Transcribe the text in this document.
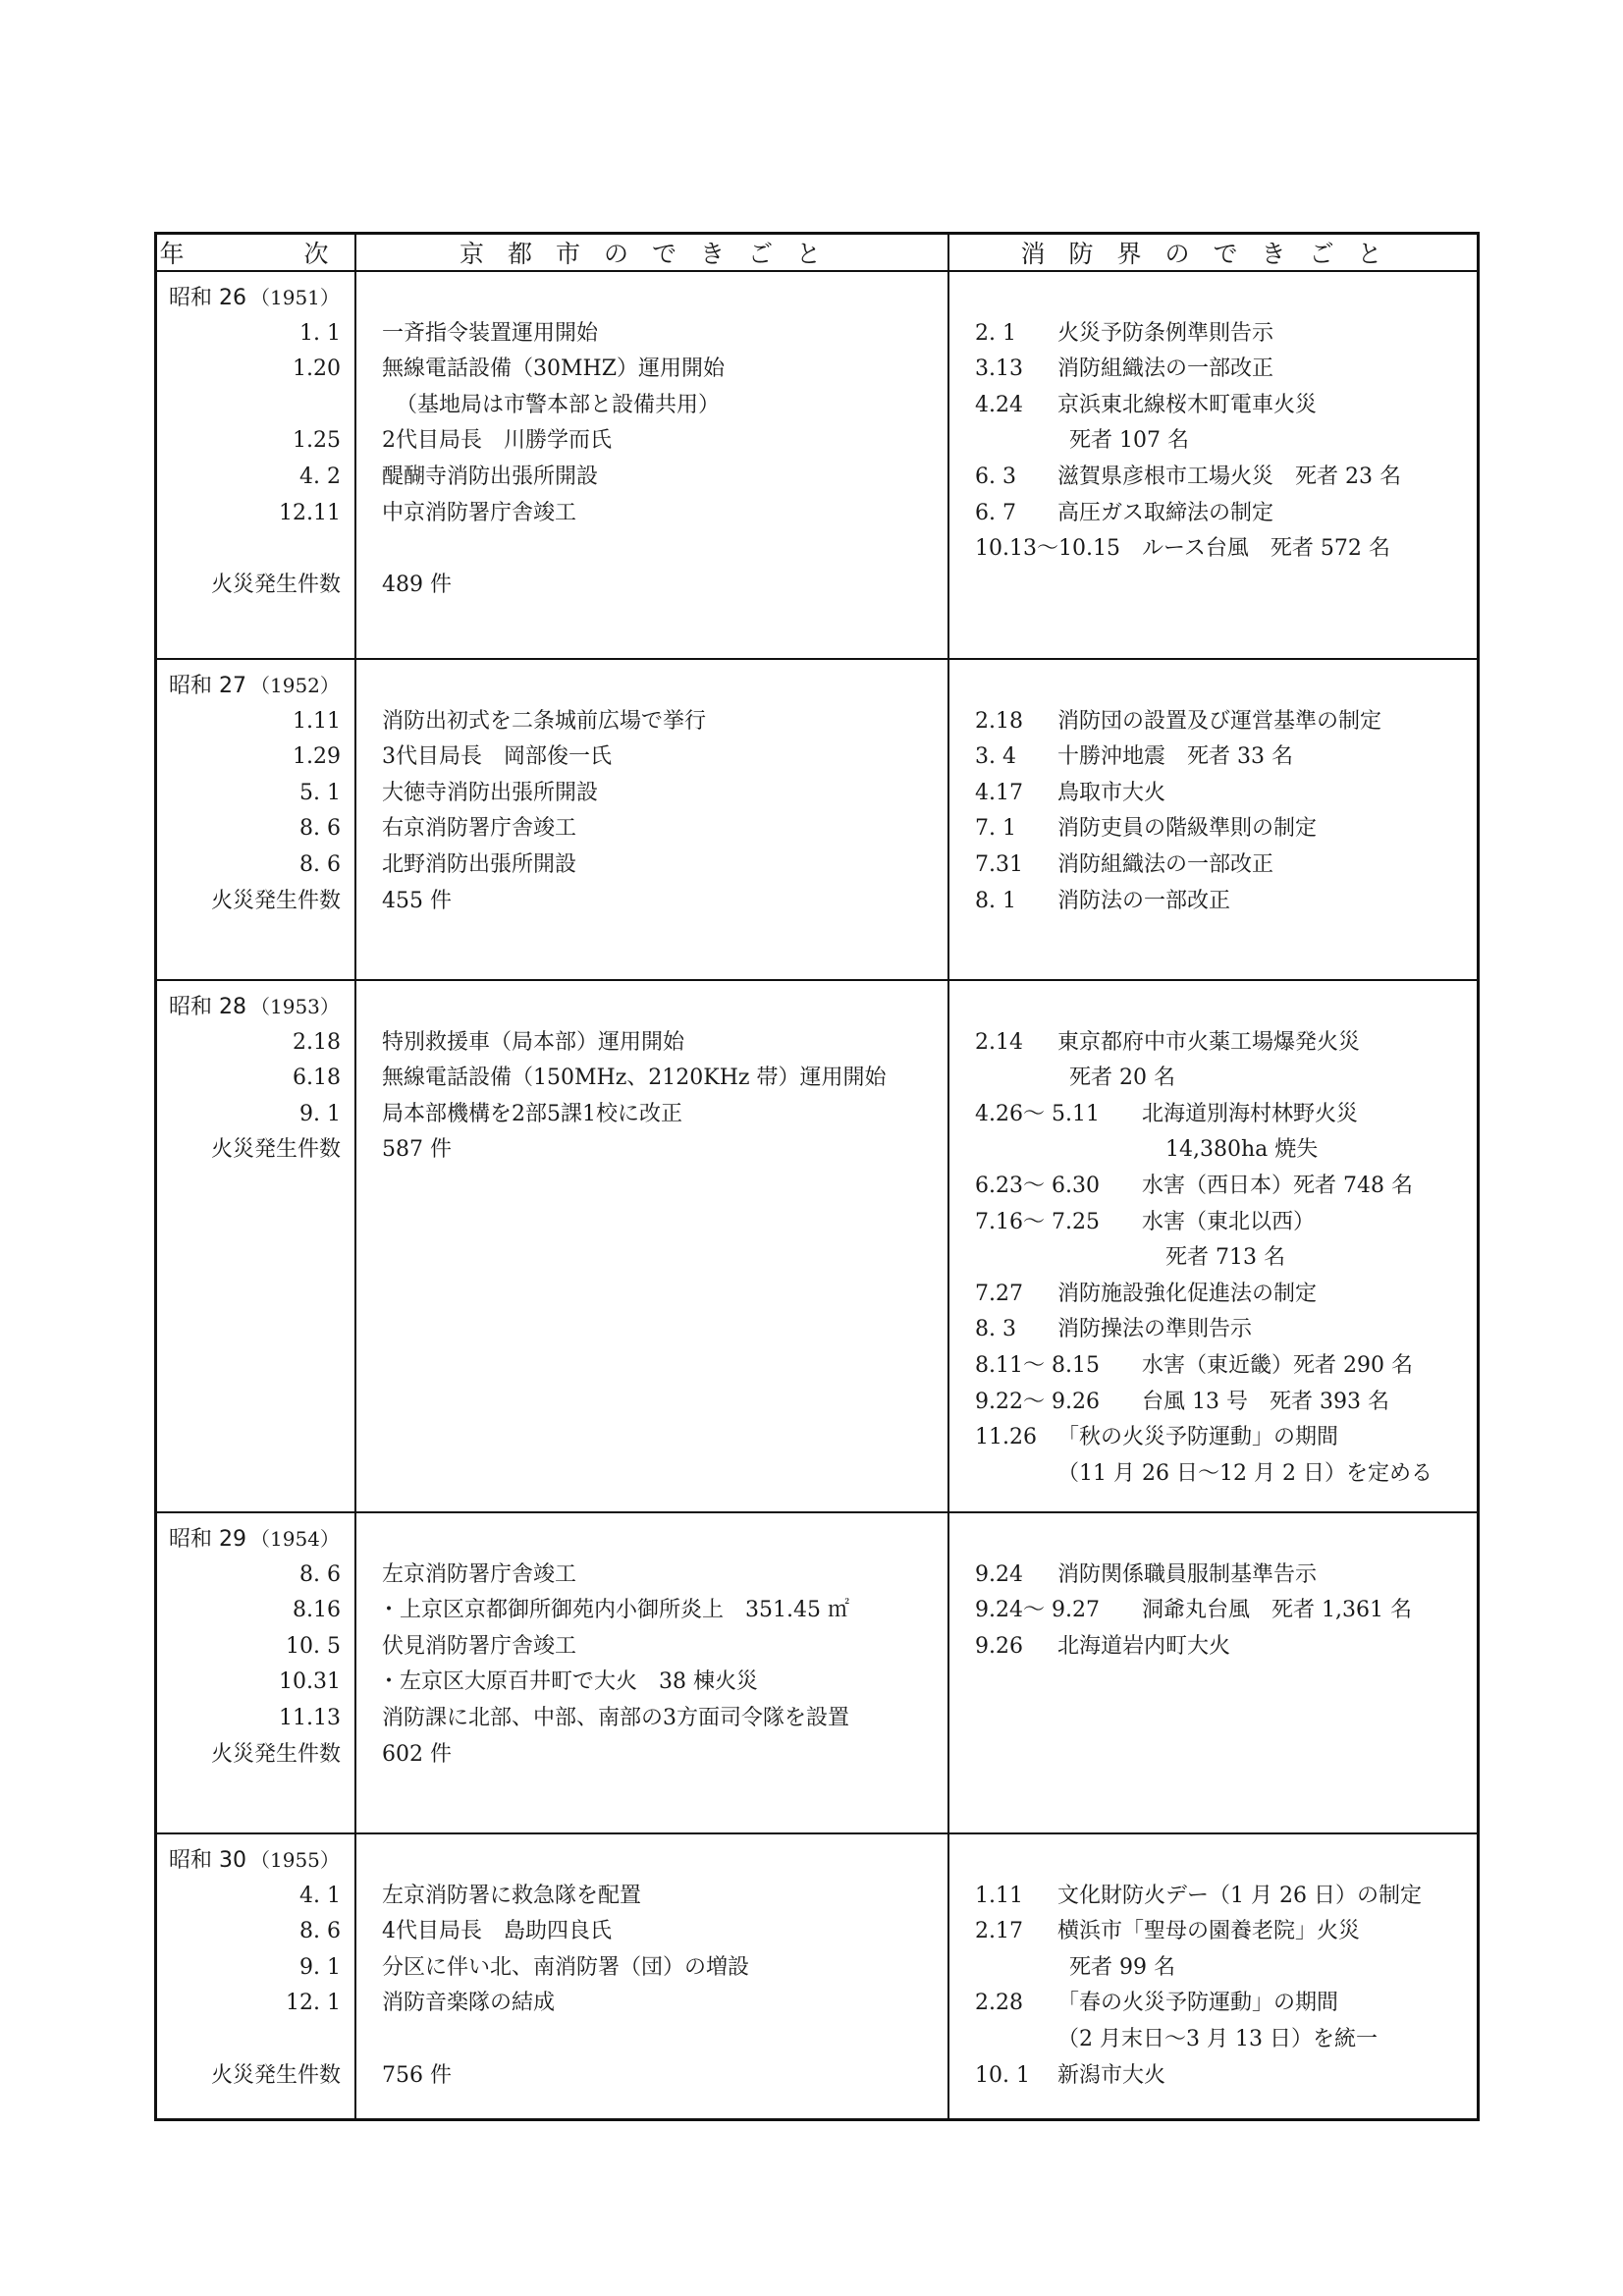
年　　次	京都市のできごと	消防界のできごと
昭和 26 （1951）
1. 1
1.20
1.25
4. 2
12.11
火災発生件数
一斉指令装置運用開始
無線電話設備（30MHZ）運用開始
（基地局は市警本部と設備共用）
2代目局長　川勝学而氏
醍醐寺消防出張所開設
中京消防署庁舎竣工
489 件
2. 1 火災予防条例準則告示
3.13 消防組織法の一部改正
4.24 京浜東北線桜木町電車火災
死者 107 名
6. 3 滋賀県彦根市工場火災　死者 23 名
6. 7 高圧ガス取締法の制定
10.13～10.15 ルース台風　死者 572 名
昭和 27 （1952）
1.11
1.29
5. 1
8. 6
8. 6
火災発生件数
消防出初式を二条城前広場で挙行
3代目局長　岡部俊一氏
大徳寺消防出張所開設
右京消防署庁舎竣工
北野消防出張所開設
455 件
2.18 消防団の設置及び運営基準の制定
3. 4 十勝沖地震　死者 33 名
4.17 鳥取市大火
7. 1 消防吏員の階級準則の制定
7.31 消防組織法の一部改正
8. 1 消防法の一部改正
昭和 28 （1953）
2.18
6.18
9. 1
火災発生件数
特別救援車（局本部）運用開始
無線電話設備（150MHz、2120KHz 帯）運用開始
局本部機構を2部5課1校に改正
587 件
2.14 東京都府中市火薬工場爆発火災
死者 20 名
4.26～ 5.11 北海道別海村林野火災
14,380ha 焼失
6.23～ 6.30 水害（西日本）死者 748 名
7.16～ 7.25 水害（東北以西）
死者 713 名
7.27 消防施設強化促進法の制定
8. 3 消防操法の準則告示
8.11～ 8.15 水害（東近畿）死者 290 名
9.22～ 9.26 台風 13 号　死者 393 名
11.26 「秋の火災予防運動」の期間
（11 月 26 日～12 月 2 日）を定める
昭和 29 （1954）
8. 6
8.16
10. 5
10.31
11.13
火災発生件数
左京消防署庁舎竣工
・上京区京都御所御苑内小御所炎上　351.45 ㎡
伏見消防署庁舎竣工
・左京区大原百井町で大火　38 棟火災
消防課に北部、中部、南部の3方面司令隊を設置
602 件
9.24 消防関係職員服制基準告示
9.24～ 9.27 洞爺丸台風　死者 1,361 名
9.26 北海道岩内町大火
昭和 30 （1955）
4. 1
8. 6
9. 1
12. 1
火災発生件数
左京消防署に救急隊を配置
4代目局長　島助四良氏
分区に伴い北、南消防署（団）の増設
消防音楽隊の結成
756 件
1.11 文化財防火デー（1 月 26 日）の制定
2.17 横浜市「聖母の園養老院」火災
死者 99 名
2.28 「春の火災予防運動」の期間
（2 月末日～3 月 13 日）を統一
10. 1 新潟市大火
